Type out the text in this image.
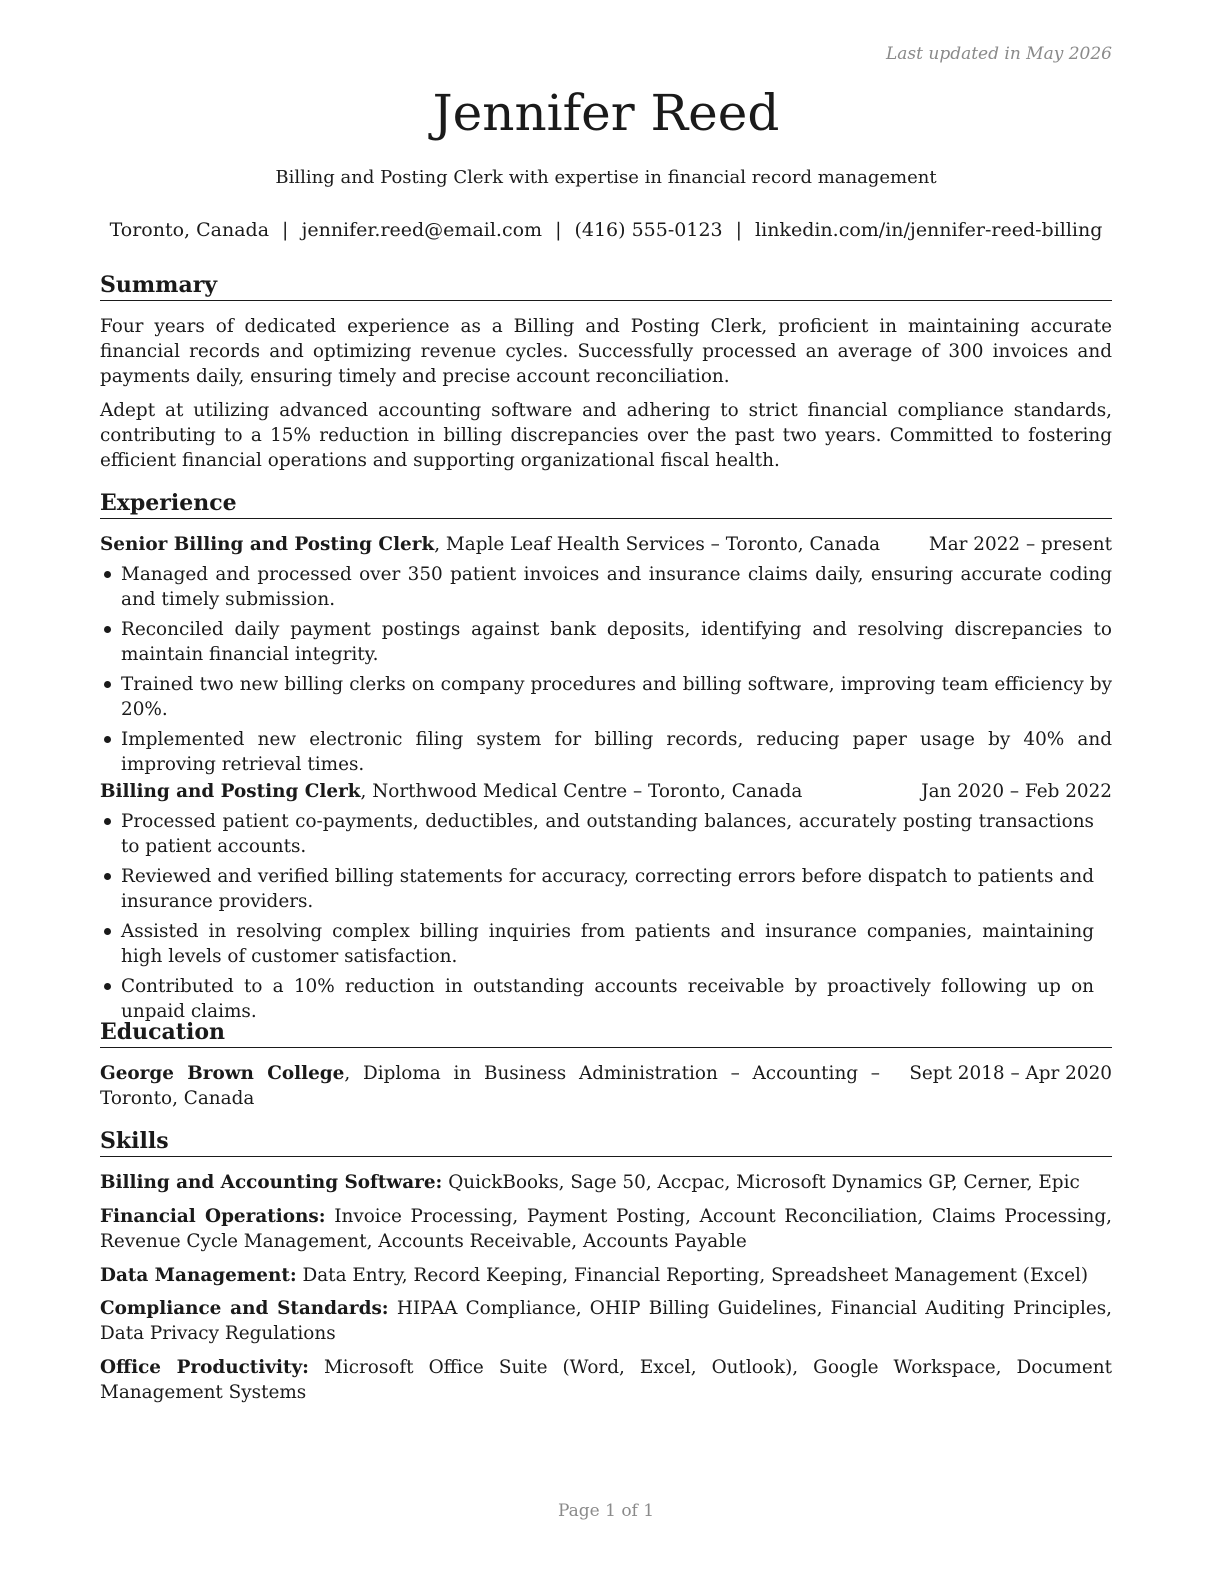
Last updated in May 2026
Jennifer Reed
Billing and Posting Clerk with expertise in financial record management
Toronto, Canada | jennifer.reed@email.com | (416) 555-0123 | linkedin.com/in/jennifer-reed-billing
Summary
Four years of dedicated experience as a Billing and Posting Clerk, proficient in maintaining accurate financial records and optimizing revenue cycles. Successfully processed an average of 300 invoices and payments daily, ensuring timely and precise account reconciliation.
Adept at utilizing advanced accounting software and adhering to strict financial compliance standards, contributing to a 15% reduction in billing discrepancies over the past two years. Committed to fostering efficient financial operations and supporting organizational fiscal health.
Experience
Senior Billing and Posting Clerk, Maple Leaf Health Services – Toronto, Canada	Mar 2022 – present
Managed and processed over 350 patient invoices and insurance claims daily, ensuring accurate coding and timely submission.
Reconciled daily payment postings against bank deposits, identifying and resolving discrepancies to maintain financial integrity.
Trained two new billing clerks on company procedures and billing software, improving team efficiency by 20%.
Implemented new electronic filing system for billing records, reducing paper usage by 40% and improving retrieval times.
Billing and Posting Clerk, Northwood Medical Centre – Toronto, Canada	Jan 2020 – Feb 2022
Processed patient co-payments, deductibles, and outstanding balances, accurately posting transactions to patient accounts.
Reviewed and verified billing statements for accuracy, correcting errors before dispatch to patients and insurance providers.
Assisted in resolving complex billing inquiries from patients and insurance companies, maintaining high levels of customer satisfaction.
Contributed to a 10% reduction in outstanding accounts receivable by proactively following up on unpaid claims.
Education
George Brown College, Diploma in Business Administration – Accounting – Toronto, Canada
Sept 2018 – Apr 2020
Skills
Billing and Accounting Software: QuickBooks, Sage 50, Accpac, Microsoft Dynamics GP, Cerner, Epic
Financial Operations: Invoice Processing, Payment Posting, Account Reconciliation, Claims Processing, Revenue Cycle Management, Accounts Receivable, Accounts Payable
Data Management: Data Entry, Record Keeping, Financial Reporting, Spreadsheet Management (Excel)
Compliance and Standards: HIPAA Compliance, OHIP Billing Guidelines, Financial Auditing Principles, Data Privacy Regulations
Office Productivity: Microsoft Office Suite (Word, Excel, Outlook), Google Workspace, Document Management Systems
Page 1 of 1
